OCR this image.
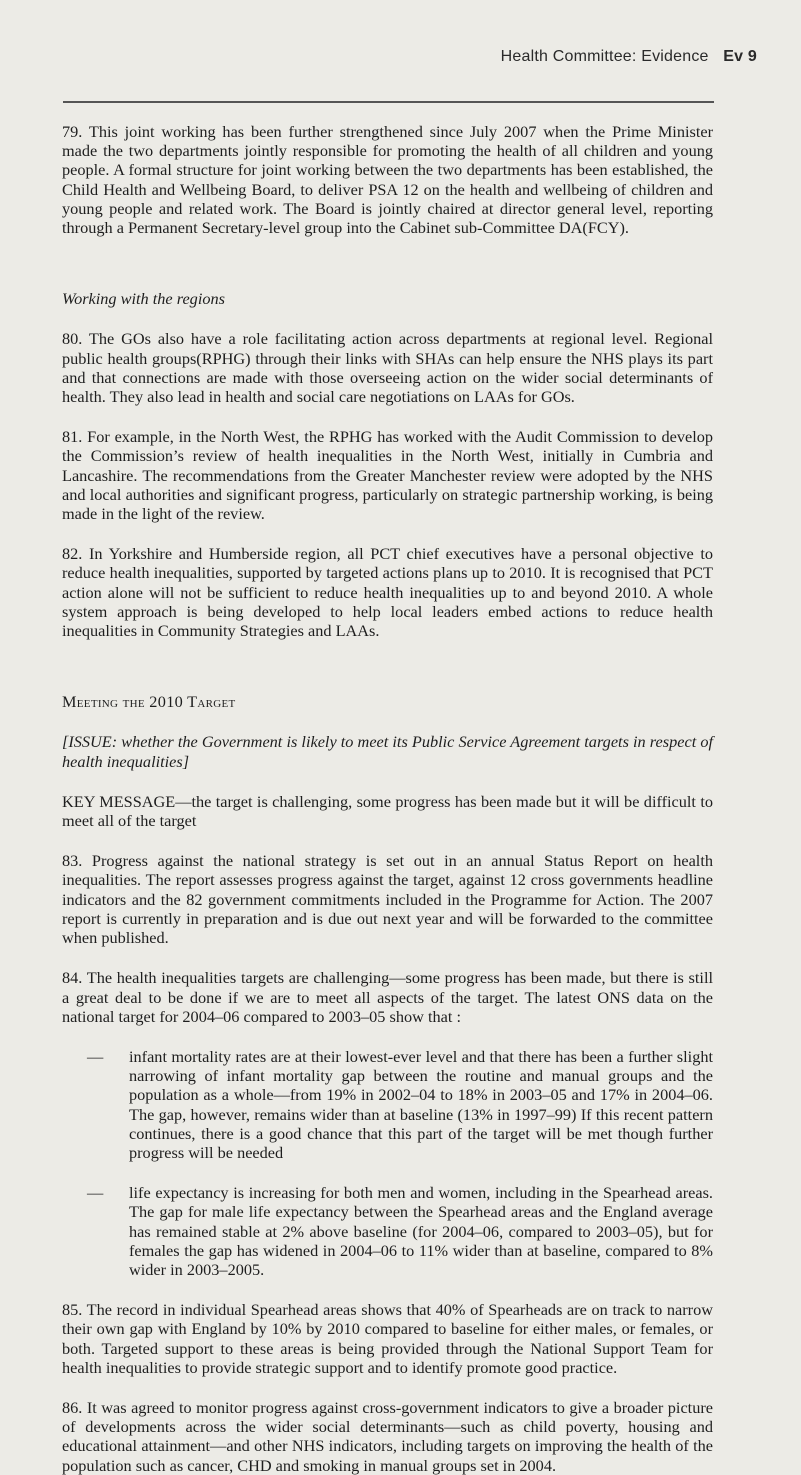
Health Committee: Evidence Ev 9

79. This joint working has been further strengthened since July 2007 when the Prime Minister made the two departments jointly responsible for promoting the health of all children and young people. A formal structure for joint working between the two departments has been established, the Child Health and Wellbeing Board, to deliver PSA 12 on the health and wellbeing of children and young people and related work. The Board is jointly chaired at director general level, reporting through a Permanent Secretary-level group into the Cabinet sub-Committee DA(FCY).

Working with the regions

80. The GOs also have a role facilitating action across departments at regional level. Regional public health groups(RPHG) through their links with SHAs can help ensure the NHS plays its part and that connections are made with those overseeing action on the wider social determinants of health. They also lead in health and social care negotiations on LAAs for GOs.

81. For example, in the North West, the RPHG has worked with the Audit Commission to develop the Commission’s review of health inequalities in the North West, initially in Cumbria and Lancashire. The recommendations from the Greater Manchester review were adopted by the NHS and local authorities and significant progress, particularly on strategic partnership working, is being made in the light of the review.

82. In Yorkshire and Humberside region, all PCT chief executives have a personal objective to reduce health inequalities, supported by targeted actions plans up to 2010. It is recognised that PCT action alone will not be sufficient to reduce health inequalities up to and beyond 2010. A whole system approach is being developed to help local leaders embed actions to reduce health inequalities in Community Strategies and LAAs.

Meeting the 2010 Target

[ISSUE: whether the Government is likely to meet its Public Service Agreement targets in respect of health inequalities]

KEY MESSAGE—the target is challenging, some progress has been made but it will be difficult to meet all of the target

83. Progress against the national strategy is set out in an annual Status Report on health inequalities. The report assesses progress against the target, against 12 cross governments headline indicators and the 82 government commitments included in the Programme for Action. The 2007 report is currently in preparation and is due out next year and will be forwarded to the committee when published.

84. The health inequalities targets are challenging—some progress has been made, but there is still a great deal to be done if we are to meet all aspects of the target. The latest ONS data on the national target for 2004–06 compared to 2003–05 show that :

—	infant mortality rates are at their lowest-ever level and that there has been a further slight narrowing of infant mortality gap between the routine and manual groups and the population as a whole—from 19% in 2002–04 to 18% in 2003–05 and 17% in 2004–06. The gap, however, remains wider than at baseline (13% in 1997–99) If this recent pattern continues, there is a good chance that this part of the target will be met though further progress will be needed
—	life expectancy is increasing for both men and women, including in the Spearhead areas. The gap for male life expectancy between the Spearhead areas and the England average has remained stable at 2% above baseline (for 2004–06, compared to 2003–05), but for females the gap has widened in 2004–06 to 11% wider than at baseline, compared to 8% wider in 2003–2005.

85. The record in individual Spearhead areas shows that 40% of Spearheads are on track to narrow their own gap with England by 10% by 2010 compared to baseline for either males, or females, or both. Targeted support to these areas is being provided through the National Support Team for health inequalities to provide strategic support and to identify promote good practice.

86. It was agreed to monitor progress against cross-government indicators to give a broader picture of developments across the wider social determinants—such as child poverty, housing and educational attainment—and other NHS indicators, including targets on improving the health of the population such as cancer, CHD and smoking in manual groups set in 2004.
